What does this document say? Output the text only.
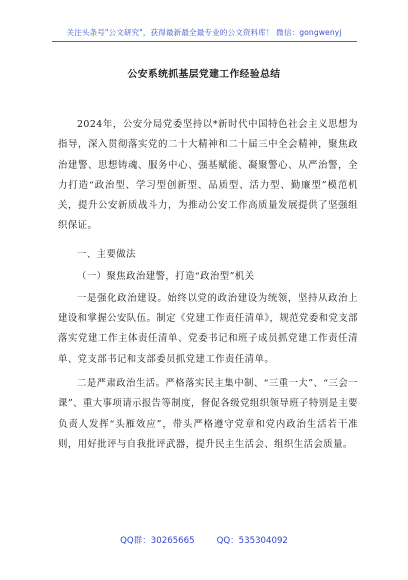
关注头条号"公文研究"，获得最新最全最专业的公文资料库！ 微信：gongwenyj
公安系统抓基层党建工作经验总结

2024年，公安分局党委坚持以*新时代中国特色社会主义思想为指导，深入贯彻落实党的二十大精神和二十届三中全会精神，聚焦政治建警、思想铸魂、服务中心、强基赋能、凝聚警心、从严治警，全力打造“政治型、学习型创新型、品质型、活力型、勤廉型”模范机关，提升公安新质战斗力，为推动公安工作高质量发展提供了坚强组织保证。

一、主要做法

（一）聚焦政治建警，打造“政治型”机关

一是强化政治建设。始终以党的政治建设为统领，坚持从政治上建设和掌握公安队伍。制定《党建工作责任清单》，规范党委和党支部落实党建工作主体责任清单、党委书记和班子成员抓党建工作责任清单、党支部书记和支部委员抓党建工作责任清单。

二是严肃政治生活。严格落实民主集中制、“三重一大”、“三会一课”、重大事项请示报告等制度，督促各级党组织领导班子特别是主要负责人发挥“头雁效应”，带头严格遵守党章和党内政治生活若干准则，用好批评与自我批评武器，提升民主生活会、组织生活会质量。

QQ群：30265665	QQ：535304092
